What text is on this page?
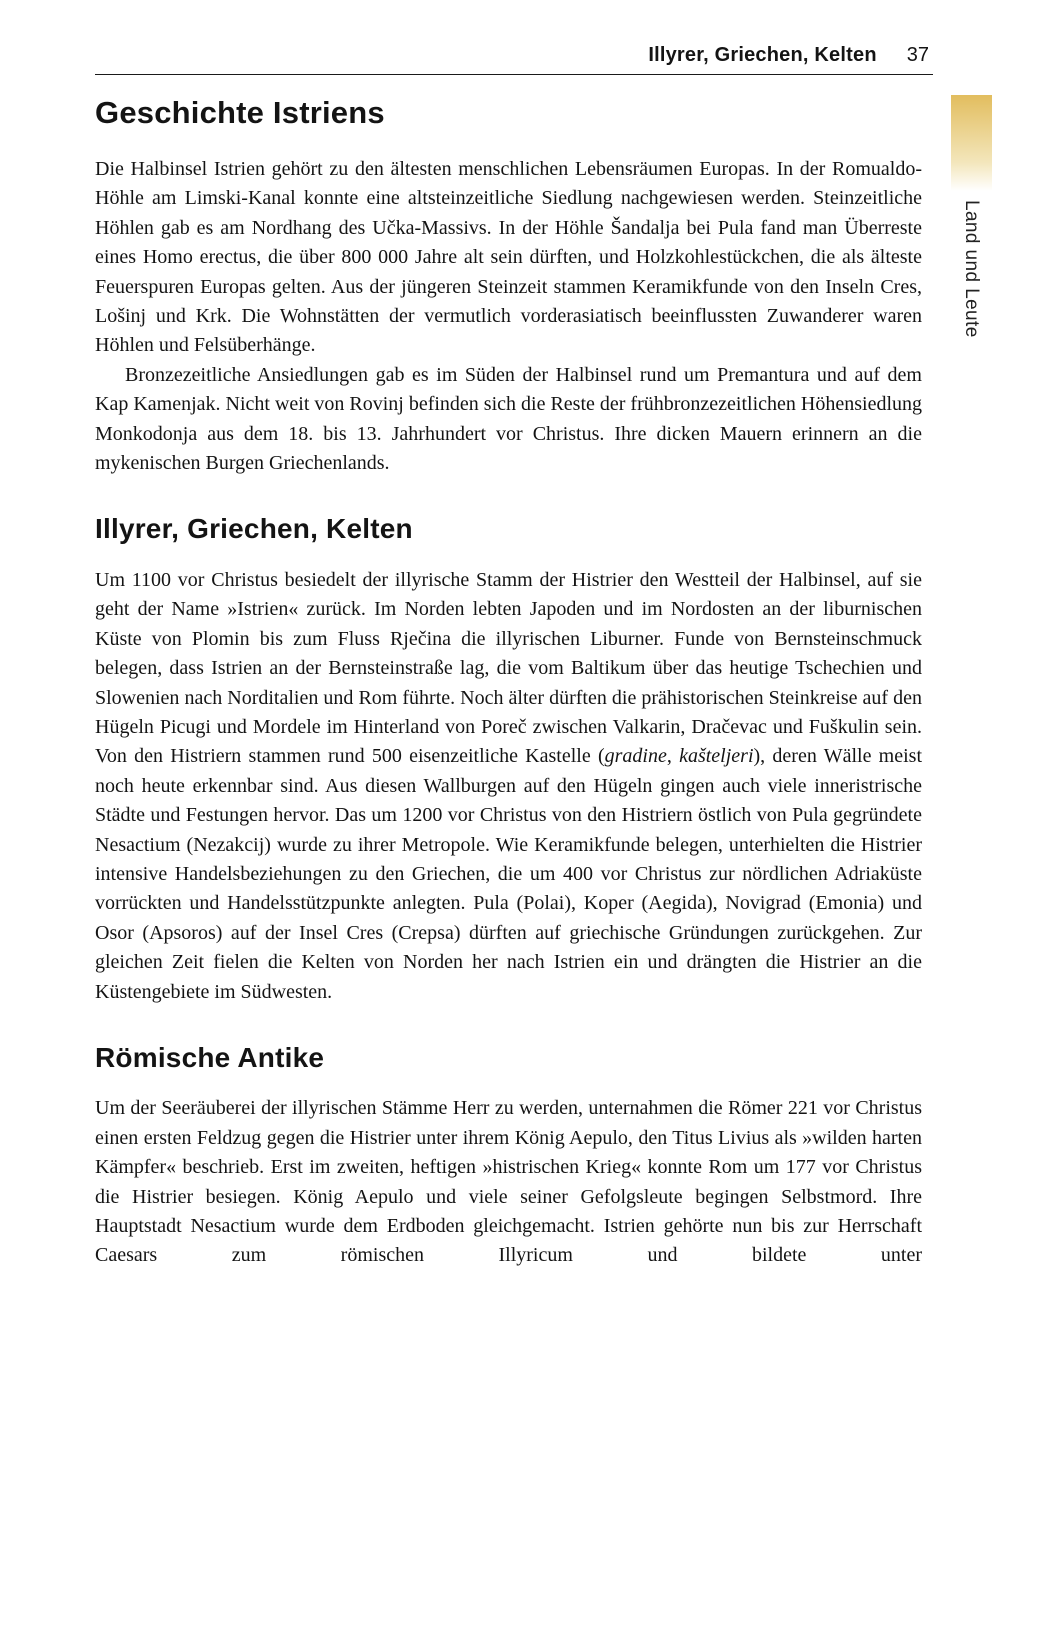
Land und Leute
Illyrer, Griechen, Kelten 37
Geschichte Istriens

Die Halbinsel Istrien gehört zu den ältesten menschlichen Lebensräumen Europas. In der Romualdo-Höhle am Limski-Kanal konnte eine altsteinzeitliche Siedlung nachgewiesen werden. Steinzeitliche Höhlen gab es am Nordhang des Učka-Massivs. In der Höhle Šandalja bei Pula fand man Überreste eines Homo erectus, die über 800 000 Jahre alt sein dürften, und Holzkohlestückchen, die als älteste Feuerspuren Europas gelten. Aus der jüngeren Steinzeit stammen Keramikfunde von den Inseln Cres, Lošinj und Krk. Die Wohnstätten der vermutlich vorderasiatisch beeinflussten Zuwanderer waren Höhlen und Felsüberhänge.

Bronzezeitliche Ansiedlungen gab es im Süden der Halbinsel rund um Premantura und auf dem Kap Kamenjak. Nicht weit von Rovinj befinden sich die Reste der frühbronzezeitlichen Höhensiedlung Monkodonja aus dem 18. bis 13. Jahrhundert vor Christus. Ihre dicken Mauern erinnern an die mykenischen Burgen Griechenlands.

Illyrer, Griechen, Kelten

Um 1100 vor Christus besiedelt der illyrische Stamm der Histrier den Westteil der Halbinsel, auf sie geht der Name »Istrien« zurück. Im Norden lebten Japoden und im Nordosten an der liburnischen Küste von Plomin bis zum Fluss Rječina die illyrischen Liburner. Funde von Bernsteinschmuck belegen, dass Istrien an der Bernsteinstraße lag, die vom Baltikum über das heutige Tschechien und Slowenien nach Norditalien und Rom führte. Noch älter dürften die prähistorischen Steinkreise auf den Hügeln Picugi und Mordele im Hinterland von Poreč zwischen Valkarin, Dračevac und Fuškulin sein. Von den Histriern stammen rund 500 eisenzeitliche Kastelle (gradine, kašteljeri), deren Wälle meist noch heute erkennbar sind. Aus diesen Wallburgen auf den Hügeln gingen auch viele inneristrische Städte und Festungen hervor. Das um 1200 vor Christus von den Histriern östlich von Pula gegründete Nesactium (Nezakcij) wurde zu ihrer Metropole. Wie Keramikfunde belegen, unterhielten die Histrier intensive Handelsbeziehungen zu den Griechen, die um 400 vor Christus zur nördlichen Adriaküste vorrückten und Handelsstützpunkte anlegten. Pula (Polai), Koper (Aegida), Novigrad (Emonia) und Osor (Apsoros) auf der Insel Cres (Crepsa) dürften auf griechische Gründungen zurückgehen. Zur gleichen Zeit fielen die Kelten von Norden her nach Istrien ein und drängten die Histrier an die Küstengebiete im Südwesten.

Römische Antike

Um der Seeräuberei der illyrischen Stämme Herr zu werden, unternahmen die Römer 221 vor Christus einen ersten Feldzug gegen die Histrier unter ihrem König Aepulo, den Titus Livius als »wilden harten Kämpfer« beschrieb. Erst im zweiten, heftigen »histrischen Krieg« konnte Rom um 177 vor Christus die Histrier besiegen. König Aepulo und viele seiner Gefolgsleute begingen Selbstmord. Ihre Hauptstadt Nesactium wurde dem Erdboden gleichgemacht. Istrien gehörte nun bis zur Herrschaft Caesars zum römischen Illyricum und bildete unter
